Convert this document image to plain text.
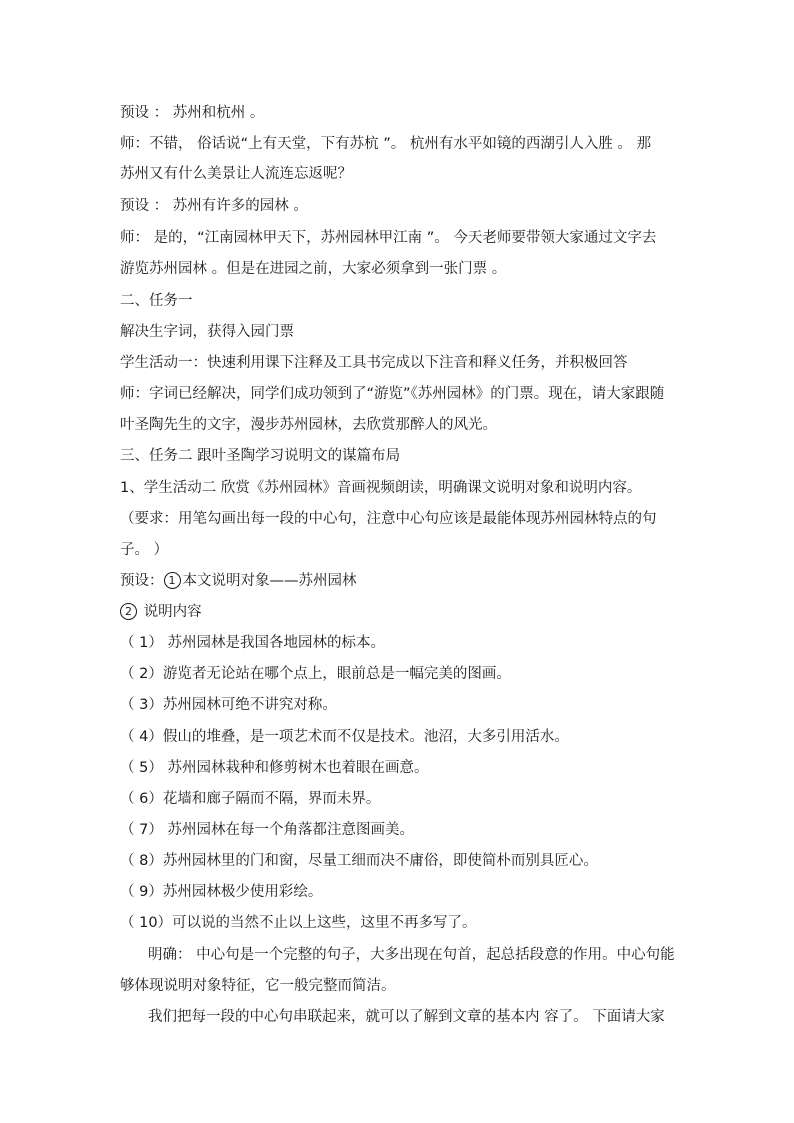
预设 ： 苏州和杭州 。
师：不错， 俗话说“上有天堂，下有苏杭 ”。 杭州有水平如镜的西湖引人入胜 。 那
苏州又有什么美景让人流连忘返呢？
预设 ： 苏州有许多的园林 。
师： 是的，“江南园林甲天下，苏州园林甲江南 ”。 今天老师要带领大家通过文字去
游览苏州园林 。但是在进园之前，大家必须拿到一张门票 。
二、任务一
解决生字词，获得入园门票
学生活动一：快速利用课下注释及工具书完成以下注音和释义任务，并积极回答
师：字词已经解决，同学们成功领到了“游览”《苏州园林》的门票。现在，请大家跟随
叶圣陶先生的文字，漫步苏州园林，去欣赏那醉人的风光。
三、任务二 跟叶圣陶学习说明文的谋篇布局
1、学生活动二 欣赏《苏州园林》音画视频朗读，明确课文说明对象和说明内容。
（要求：用笔勾画出每一段的中心句，注意中心句应该是最能体现苏州园林特点的句
子。 ）
预设： 1 本文说明对象——苏州园林
2 说明内容
（ 1） 苏州园林是我国各地园林的标本。
（ 2）游览者无论站在哪个点上，眼前总是一幅完美的图画。
（ 3）苏州园林可绝不讲究对称。
（ 4）假山的堆叠，是一项艺术而不仅是技术。池沼，大多引用活水。
（ 5） 苏州园林栽种和修剪树木也着眼在画意。
（ 6）花墙和廊子隔而不隔，界而未界。
（ 7） 苏州园林在每一个角落都注意图画美。
（ 8）苏州园林里的门和窗，尽量工细而决不庸俗，即使简朴而别具匠心。
（ 9）苏州园林极少使用彩绘。
（ 10）可以说的当然不止以上这些，这里不再多写了。
明确： 中心句是一个完整的句子，大多出现在句首，起总括段意的作用。中心句能
够体现说明对象特征，它一般完整而简洁。
我们把每一段的中心句串联起来，就可以了解到文章的基本内 容了。 下面请大家
